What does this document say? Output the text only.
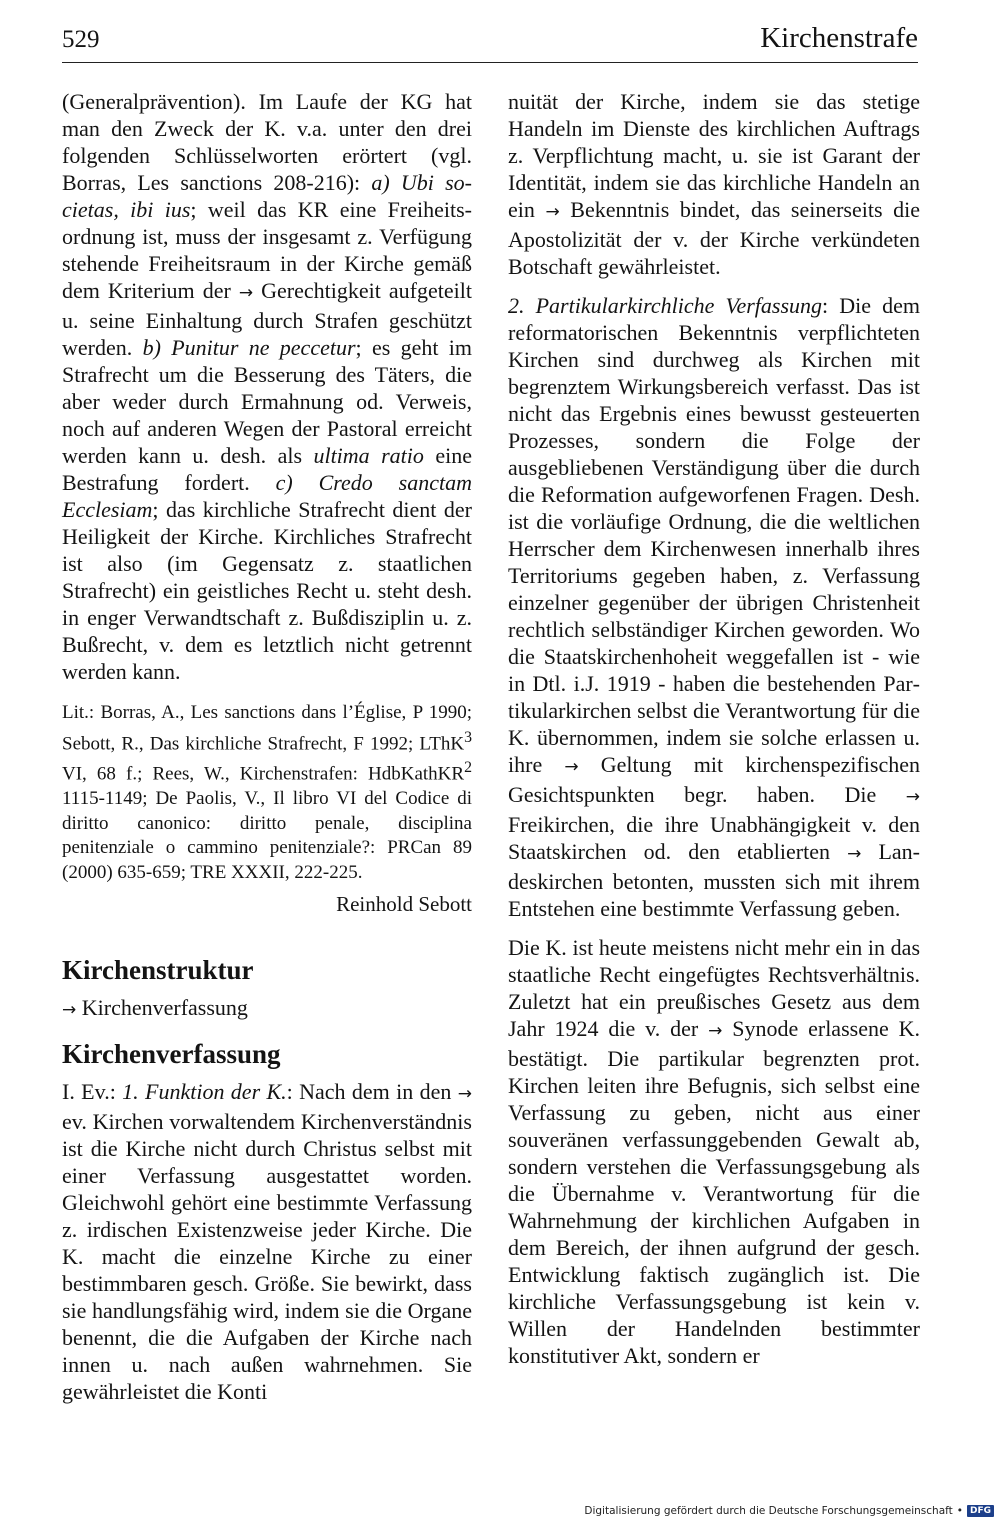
529	Kirchenstrafe

(Generalprävention). Im Laufe der KG hat man den Zweck der K. v.a. unter den drei folgenden Schlüsselworten erörtert (vgl. Borras, Les sanctions 208-216): a) Ubi societas, ibi ius; weil das KR eine Freiheitsordnung ist, muss der insgesamt z. Verfügung stehende Freiheitsraum in der Kirche gemäß dem Kriterium der → Gerechtigkeit aufgeteilt u. seine Einhaltung durch Strafen geschützt werden. b) Punitur ne peccetur; es geht im Strafrecht um die Besserung des Täters, die aber weder durch Ermahnung od. Verweis, noch auf anderen Wegen der Pastoral erreicht werden kann u. desh. als ultima ratio eine Bestrafung fordert. c) Credo sanctam Ecclesiam; das kirchliche Strafrecht dient der Heiligkeit der Kirche. Kirchliches Strafrecht ist also (im Gegensatz z. staatlichen Strafrecht) ein geistliches Recht u. steht desh. in enger Verwandtschaft z. Bußdisziplin u. z. Bußrecht, v. dem es letztlich nicht getrennt werden kann.

Lit.: Borras, A., Les sanctions dans l’Église, P 1990; Sebott, R., Das kirchliche Strafrecht, F 1992; LThK$^3$ VI, 68 f.; Rees, W., Kirchenstrafen: HdbKathKR$^2$ 1115-1149; De Paolis, V., Il libro VI del Codice di diritto canonico: diritto penale, disciplina penitenziale o cammino penitenziale?: PRCan 89 (2000) 635-659; TRE XXXII, 222-225.

Reinhold Sebott
Kirchenstruktur
→ Kirchenverfassung
Kirchenverfassung

I. Ev.: 1. Funktion der K.: Nach dem in den → ev. Kirchen vorwaltendem Kirchenverständnis ist die Kirche nicht durch Christus selbst mit einer Verfassung ausgestattet worden. Gleichwohl gehört eine bestimmte Verfassung z. irdischen Existenzweise jeder Kirche. Die K. macht die einzelne Kirche zu einer bestimmbaren gesch. Größe. Sie bewirkt, dass sie handlungsfähig wird, indem sie die Organe benennt, die die Aufgaben der Kirche nach innen u. nach außen wahrnehmen. Sie gewährleistet die Konti

nuität der Kirche, indem sie das stetige Handeln im Dienste des kirchlichen Auftrags z. Verpflichtung macht, u. sie ist Garant der Identität, indem sie das kirchliche Handeln an ein → Bekenntnis bindet, das seinerseits die Apostolizität der v. der Kirche verkündeten Botschaft gewährleistet.

2. Partikularkirchliche Verfassung: Die dem reformatorischen Bekenntnis verpflichteten Kirchen sind durchweg als Kirchen mit begrenztem Wirkungsbereich verfasst. Das ist nicht das Ergebnis eines bewusst gesteuerten Prozesses, sondern die Folge der ausgebliebenen Verständigung über die durch die Reformation aufgeworfenen Fragen. Desh. ist die vorläufige Ordnung, die die weltlichen Herrscher dem Kirchenwesen innerhalb ihres Territoriums gegeben haben, z. Verfassung einzelner gegenüber der übrigen Christenheit rechtlich selbständiger Kirchen geworden. Wo die Staatskirchenhoheit weggefallen ist - wie in Dtl. i.J. 1919 - haben die bestehenden Partikularkirchen selbst die Verantwortung für die K. übernommen, indem sie solche erlassen u. ihre → Geltung mit kirchenspezifischen Gesichtspunkten begr. haben. Die → Freikirchen, die ihre Unabhängigkeit v. den Staatskirchen od. den etablierten → Landeskirchen betonten, mussten sich mit ihrem Entstehen eine bestimmte Verfassung geben.

Die K. ist heute meistens nicht mehr ein in das staatliche Recht eingefügtes Rechtsverhältnis. Zuletzt hat ein preußisches Gesetz aus dem Jahr 1924 die v. der → Synode erlassene K. bestätigt. Die partikular begrenzten prot. Kirchen leiten ihre Befugnis, sich selbst eine Verfassung zu geben, nicht aus einer souveränen verfassunggebenden Gewalt ab, sondern verstehen die Verfassungsgebung als die Übernahme v. Verantwortung für die Wahrnehmung der kirchlichen Aufgaben in dem Bereich, der ihnen aufgrund der gesch. Entwicklung faktisch zugänglich ist. Die kirchliche Verfassungsgebung ist kein v. Willen der Handelnden bestimmter konstitutiver Akt, sondern er

Digitalisierung gefördert durch die Deutsche Forschungsgemeinschaft • DFG
